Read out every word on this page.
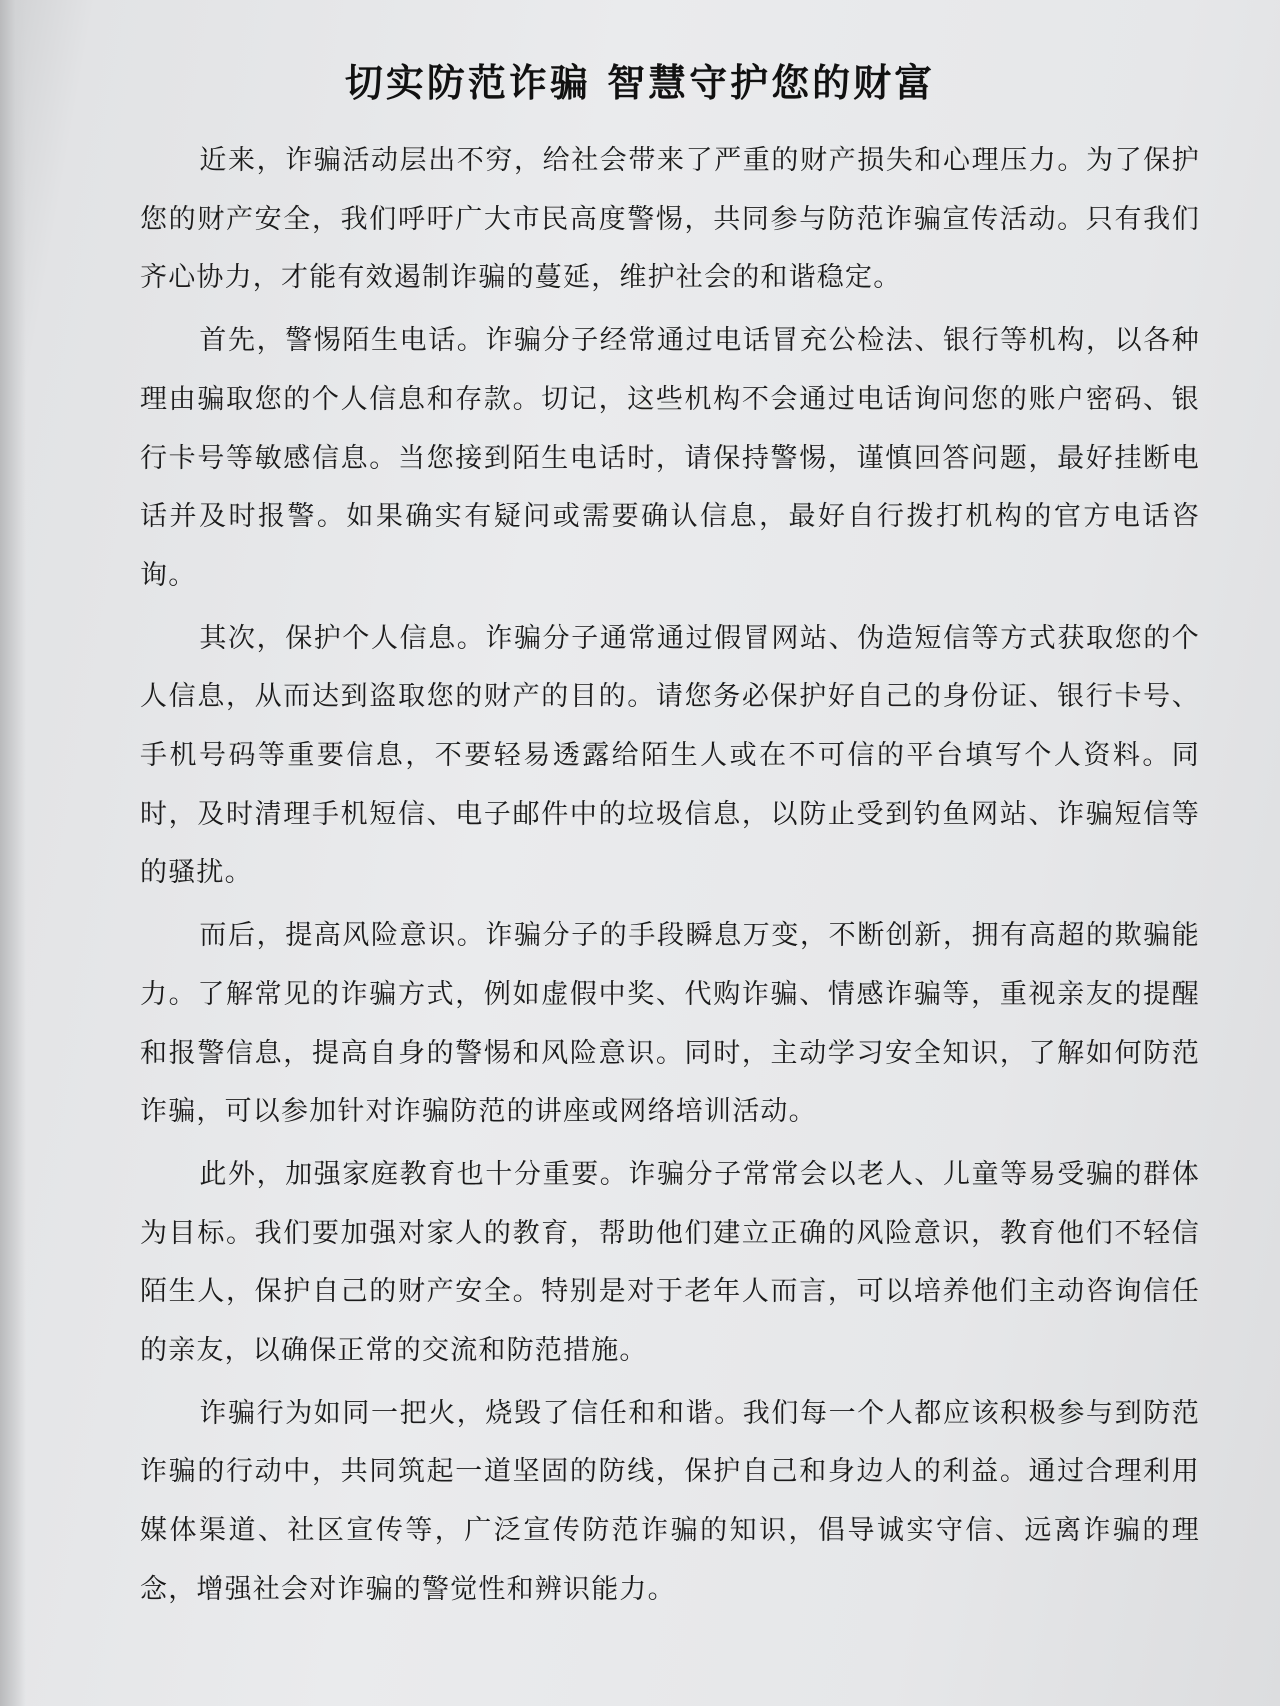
切实防范诈骗 智慧守护您的财富

近来，诈骗活动层出不穷，给社会带来了严重的财产损失和心理压力。为了保护您的财产安全，我们呼吁广大市民高度警惕，共同参与防范诈骗宣传活动。只有我们齐心协力，才能有效遏制诈骗的蔓延，维护社会的和谐稳定。

首先，警惕陌生电话。诈骗分子经常通过电话冒充公检法、银行等机构，以各种理由骗取您的个人信息和存款。切记，这些机构不会通过电话询问您的账户密码、银行卡号等敏感信息。当您接到陌生电话时，请保持警惕，谨慎回答问题，最好挂断电话并及时报警。如果确实有疑问或需要确认信息，最好自行拨打机构的官方电话咨询。

其次，保护个人信息。诈骗分子通常通过假冒网站、伪造短信等方式获取您的个人信息，从而达到盗取您的财产的目的。请您务必保护好自己的身份证、银行卡号、手机号码等重要信息，不要轻易透露给陌生人或在不可信的平台填写个人资料。同时，及时清理手机短信、电子邮件中的垃圾信息，以防止受到钓鱼网站、诈骗短信等的骚扰。

而后，提高风险意识。诈骗分子的手段瞬息万变，不断创新，拥有高超的欺骗能力。了解常见的诈骗方式，例如虚假中奖、代购诈骗、情感诈骗等，重视亲友的提醒和报警信息，提高自身的警惕和风险意识。同时，主动学习安全知识，了解如何防范诈骗，可以参加针对诈骗防范的讲座或网络培训活动。

此外，加强家庭教育也十分重要。诈骗分子常常会以老人、儿童等易受骗的群体为目标。我们要加强对家人的教育，帮助他们建立正确的风险意识，教育他们不轻信陌生人，保护自己的财产安全。特别是对于老年人而言，可以培养他们主动咨询信任的亲友，以确保正常的交流和防范措施。

诈骗行为如同一把火，烧毁了信任和和谐。我们每一个人都应该积极参与到防范诈骗的行动中，共同筑起一道坚固的防线，保护自己和身边人的利益。通过合理利用媒体渠道、社区宣传等，广泛宣传防范诈骗的知识，倡导诚实守信、远离诈骗的理念，增强社会对诈骗的警觉性和辨识能力。
